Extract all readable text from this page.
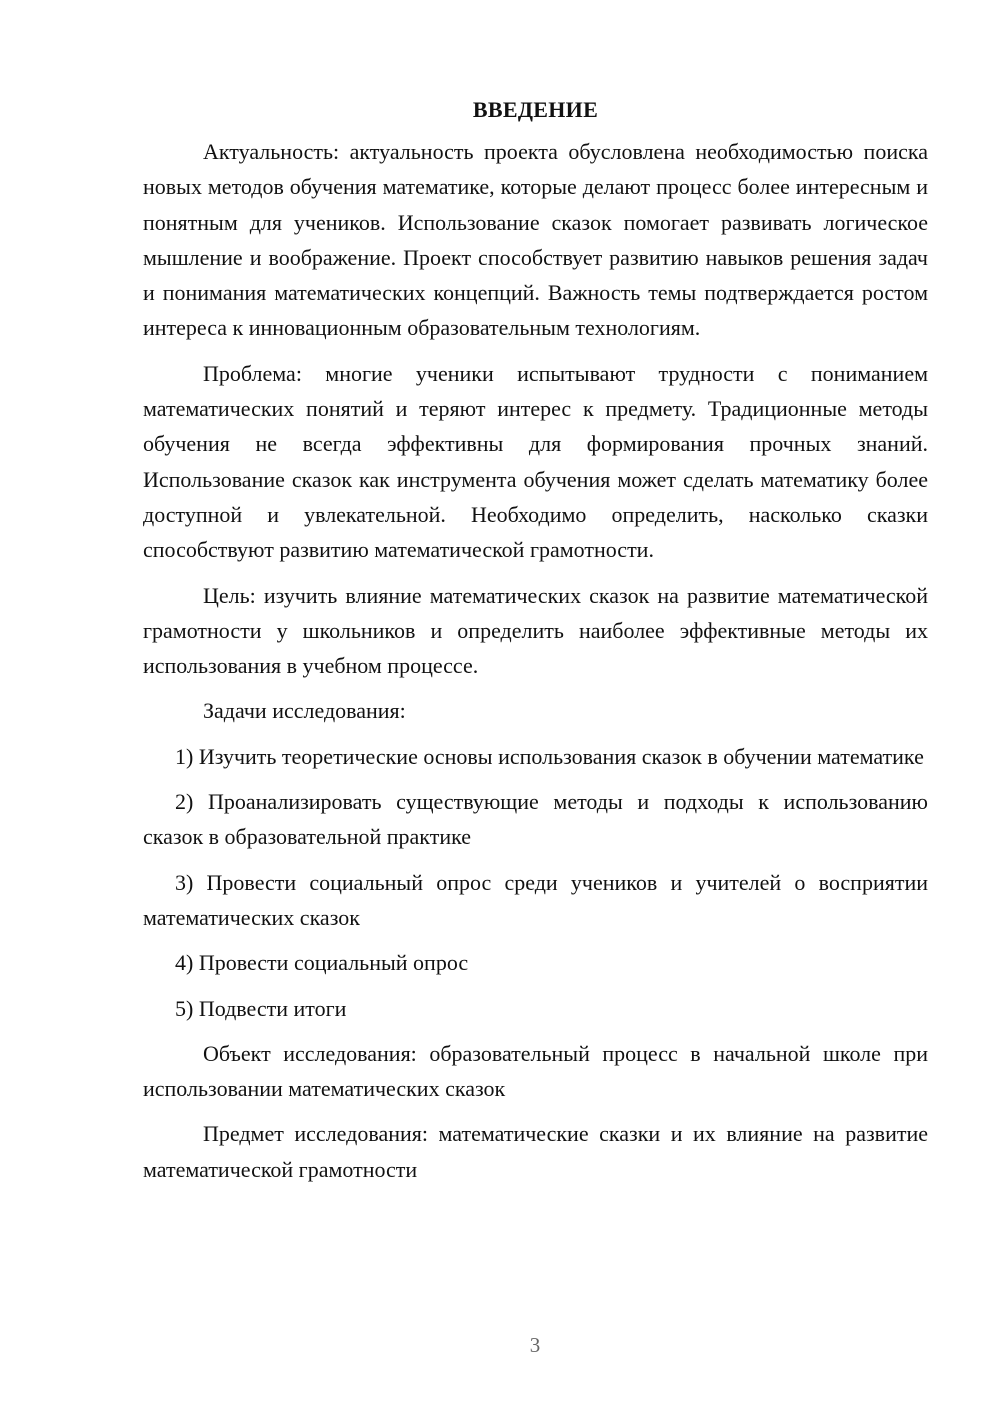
ВВЕДЕНИЕ

Актуальность: актуальность проекта обусловлена необходимостью поиска новых методов обучения математике, которые делают процесс более интересным и понятным для учеников. Использование сказок помогает развивать логическое мышление и воображение. Проект способствует развитию навыков решения задач и понимания математических концепций. Важность темы подтверждается ростом интереса к инновационным образовательным технологиям.

Проблема: многие ученики испытывают трудности с пониманием математических понятий и теряют интерес к предмету. Традиционные методы обучения не всегда эффективны для формирования прочных знаний. Использование сказок как инструмента обучения может сделать математику более доступной и увлекательной. Необходимо определить, насколько сказки способствуют развитию математической грамотности.

Цель: изучить влияние математических сказок на развитие математической грамотности у школьников и определить наиболее эффективные методы их использования в учебном процессе.

Задачи исследования:

1) Изучить теоретические основы использования сказок в обучении математике

2) Проанализировать существующие методы и подходы к использованию сказок в образовательной практике

3) Провести социальный опрос среди учеников и учителей о восприятии математических сказок

4) Провести социальный опрос

5) Подвести итоги

Объект исследования: образовательный процесс в начальной школе при использовании математических сказок

Предмет исследования: математические сказки и их влияние на развитие математической грамотности

3
